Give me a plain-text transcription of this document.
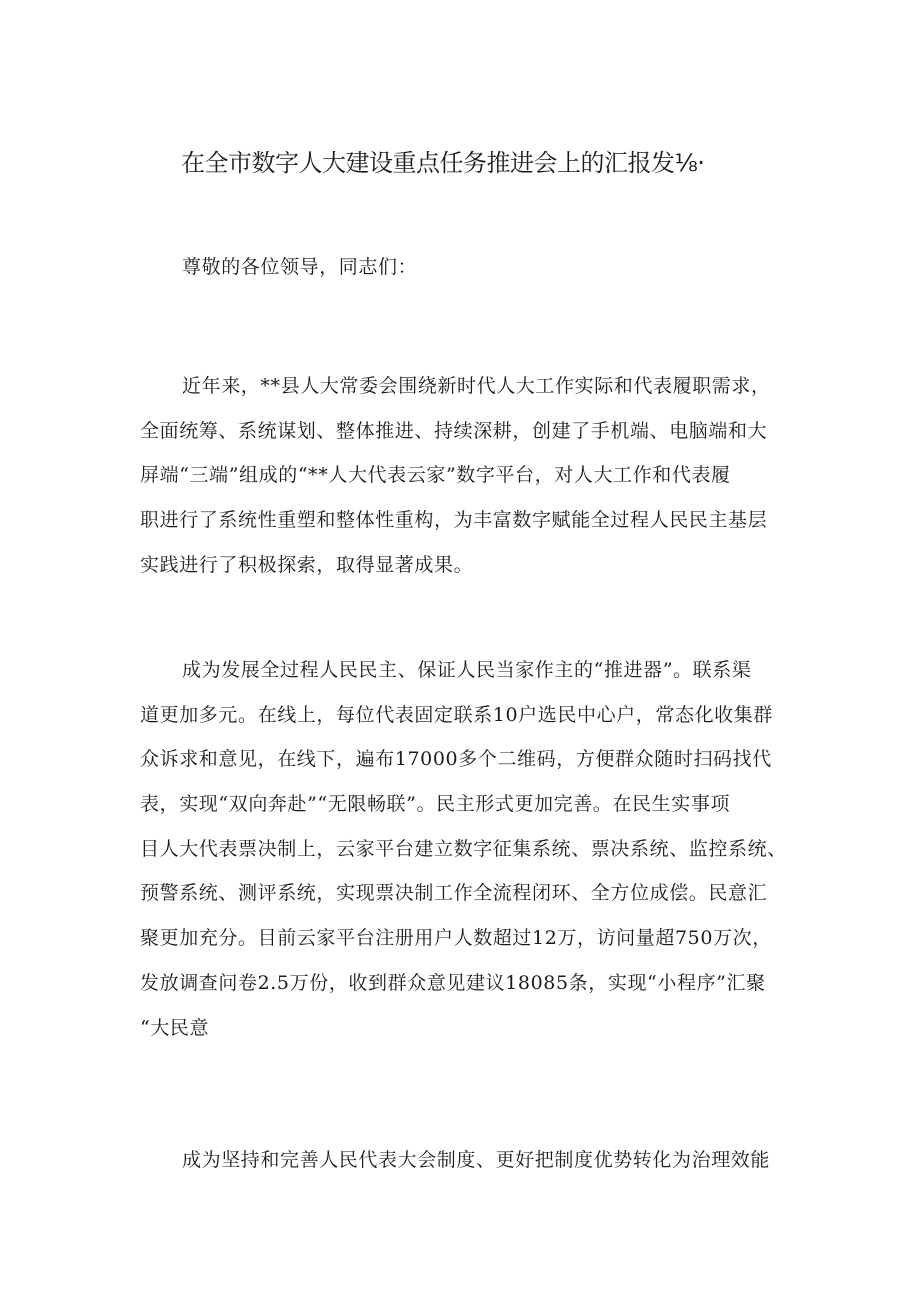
在全市数字人大建设重点任务推进会上的汇报发⅛·
尊敬的各位领导，同志们：
近年来，**县人大常委会围绕新时代人大工作实际和代表履职需求，
全面统筹、系统谋划、整体推进、持续深耕，创建了手机端、电脑端和大
屏端“三端”组成的“**人大代表云家”数字平台，对人大工作和代表履
职进行了系统性重塑和整体性重构，为丰富数字赋能全过程人民民主基层
实践进行了积极探索，取得显著成果。
成为发展全过程人民民主、保证人民当家作主的“推进器”。联系渠
道更加多元。在线上，每位代表固定联系10户选民中心户，常态化收集群
众诉求和意见，在线下，遍布17000多个二维码，方便群众随时扫码找代
表，实现“双向奔赴”“无限畅联”。民主形式更加完善。在民生实事项
目人大代表票决制上，云家平台建立数字征集系统、票决系统、监控系统、
预警系统、测评系统，实现票决制工作全流程闭环、全方位成偿。民意汇
聚更加充分。目前云家平台注册用户人数超过12万，访问量超750万次，
发放调查问卷2.5万份，收到群众意见建议18085条，实现“小程序”汇聚
“大民意
成为坚持和完善人民代表大会制度、更好把制度优势转化为治理效能
